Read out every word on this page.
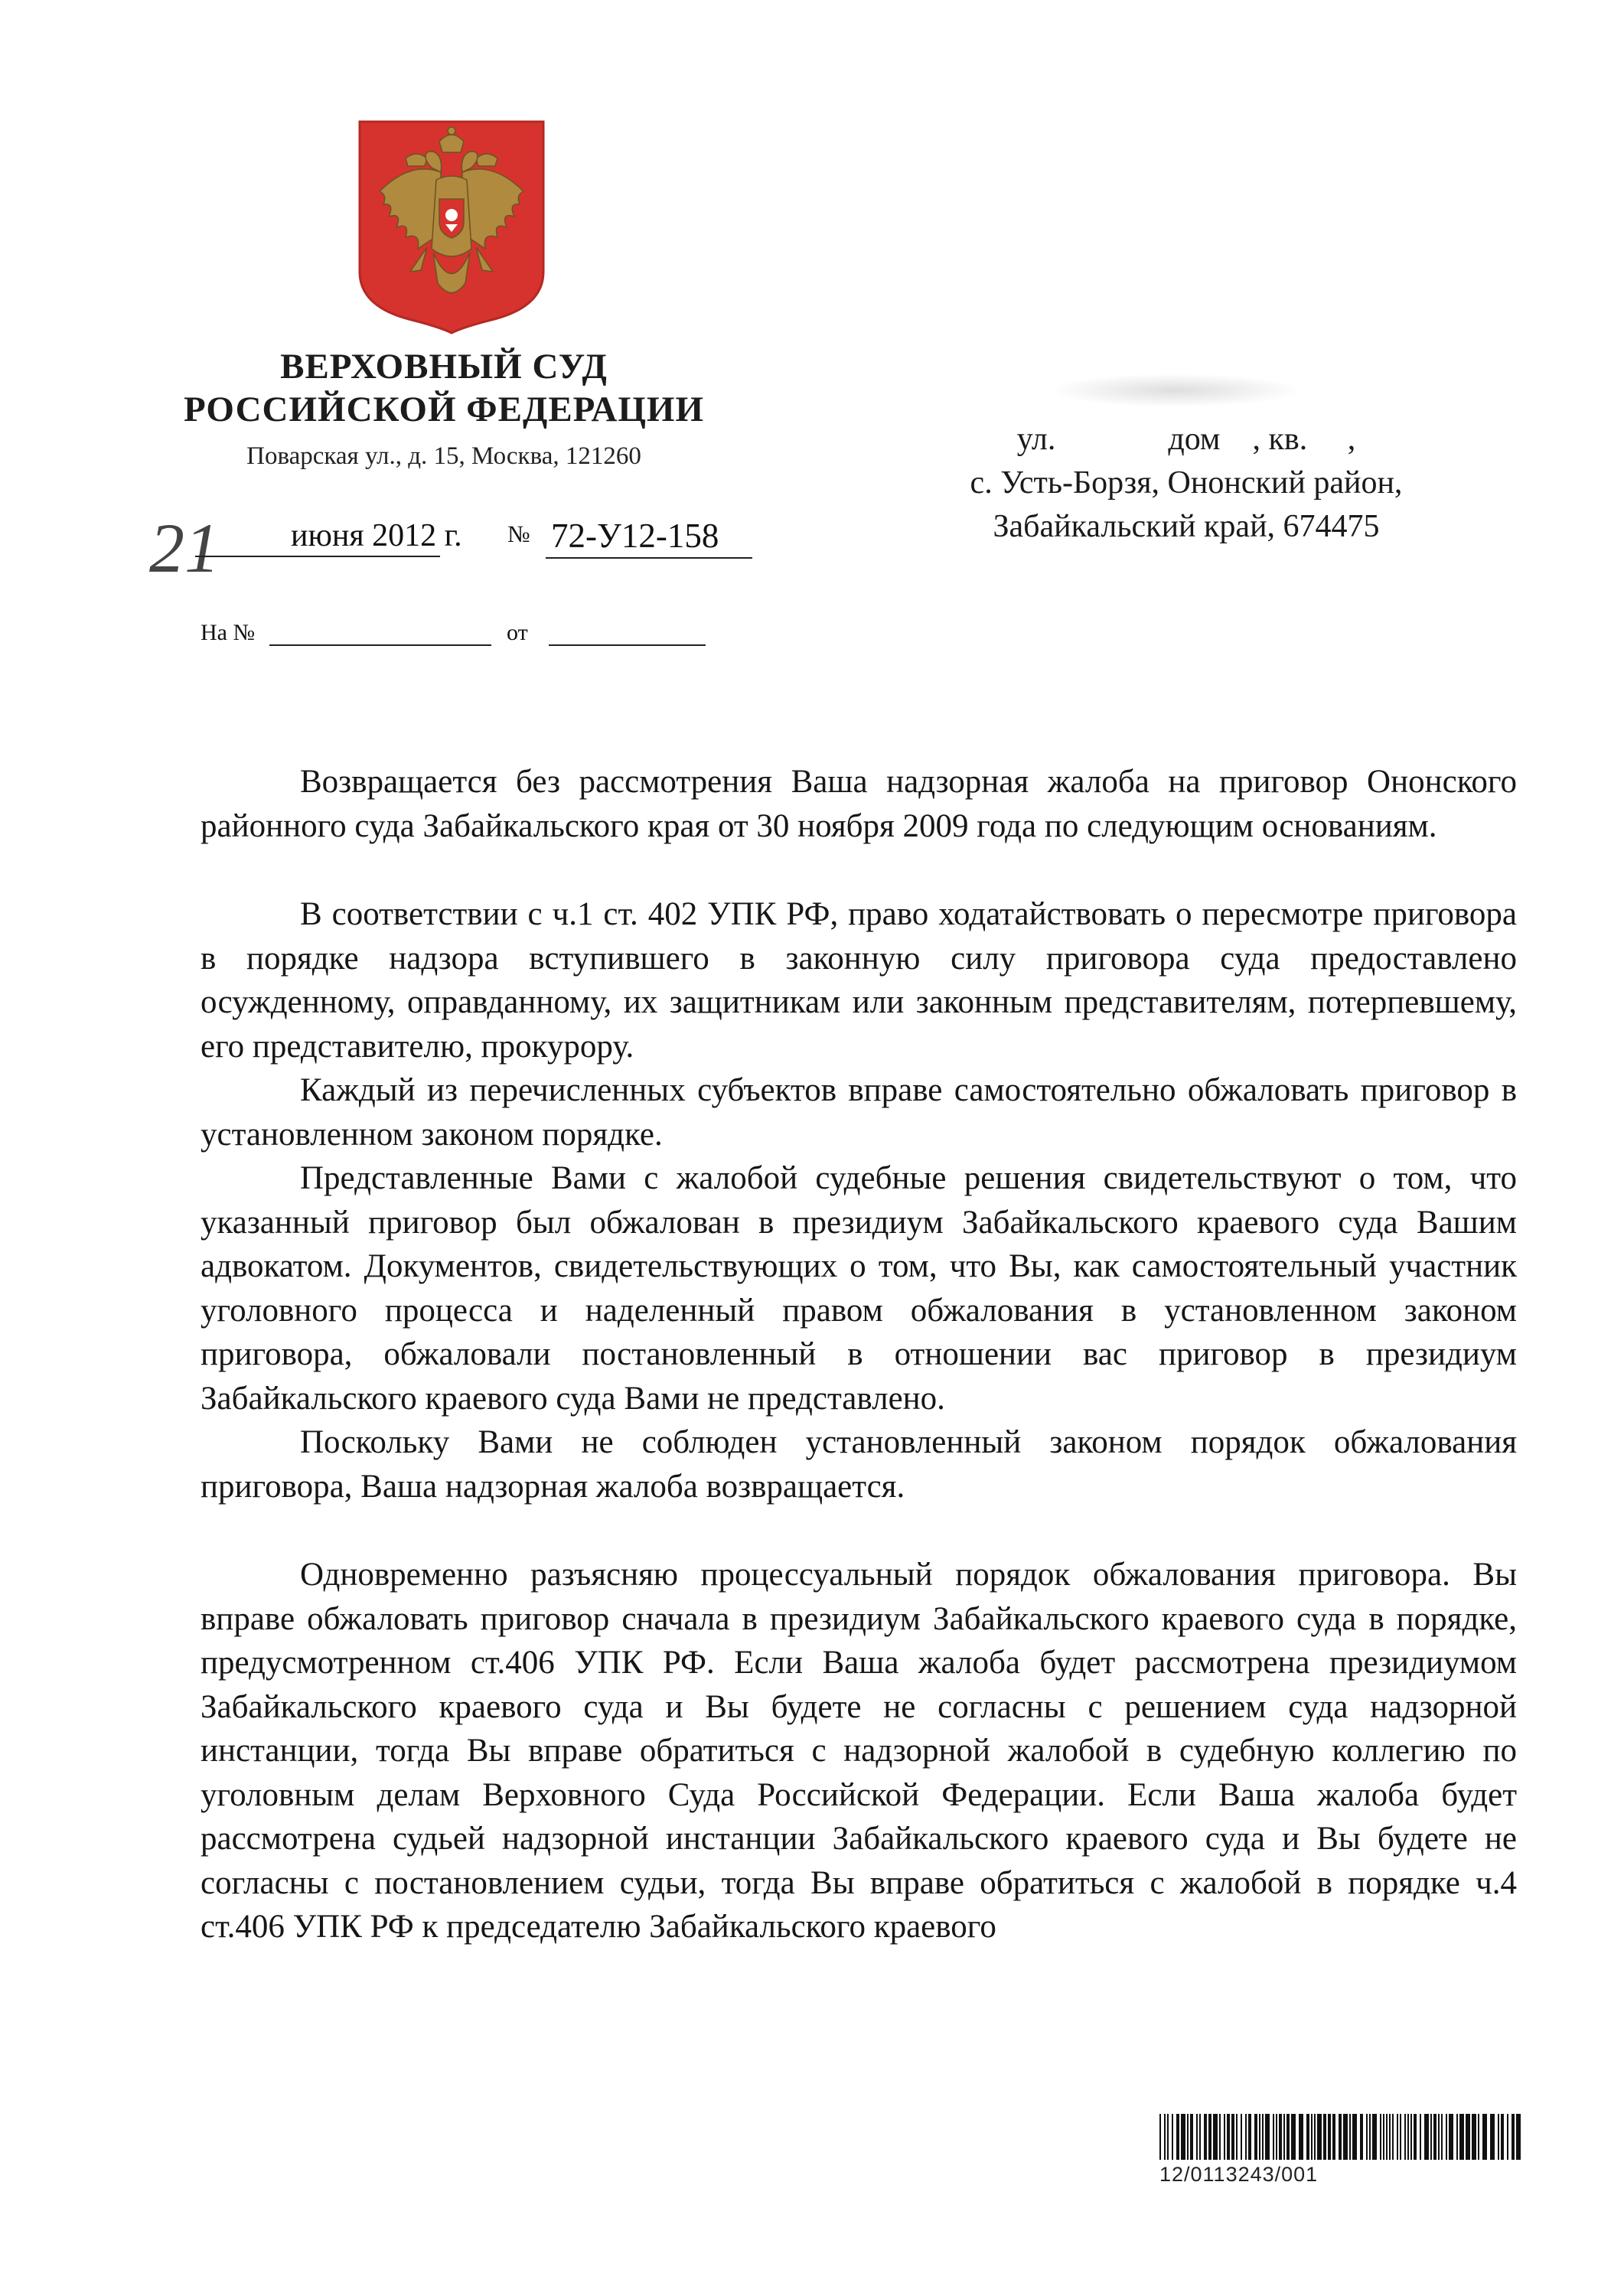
ВЕРХОВНЫЙ СУД
РОССИЙСКОЙ ФЕДЕРАЦИИ
Поварская ул., д. 15, Москва, 121260
21 июня 2012 г. № 72-У12-158
На №	от
ул.              дом    , кв.     ,
с. Усть-Борзя, Ононский район,
Забайкальский край, 674475

Возвращается без рассмотрения Ваша надзорная жалоба на приговор Ононского районного суда Забайкальского края от 30 ноября 2009 года по следующим основаниям.

В соответствии с ч.1 ст. 402 УПК РФ, право ходатайствовать о пересмотре приговора в порядке надзора вступившего в законную силу приговора суда предоставлено осужденному, оправданному, их защитникам или законным представителям, потерпевшему, его представителю, прокурору.

Каждый из перечисленных субъектов вправе самостоятельно обжаловать приговор в установленном законом порядке.

Представленные Вами с жалобой судебные решения свидетельствуют о том, что указанный приговор был обжалован в президиум Забайкальского краевого суда Вашим адвокатом. Документов, свидетельствующих о том, что Вы, как самостоятельный участник уголовного процесса и наделенный правом обжалования в установленном законом приговора, обжаловали постановленный в отношении вас приговор в президиум Забайкальского краевого суда Вами не представлено.

Поскольку Вами не соблюден установленный законом порядок обжалования приговора, Ваша надзорная жалоба возвращается.

Одновременно разъясняю процессуальный порядок обжалования приговора. Вы вправе обжаловать приговор сначала в президиум Забайкальского краевого суда в порядке, предусмотренном ст.406 УПК РФ. Если Ваша жалоба будет рассмотрена президиумом Забайкальского краевого суда и Вы будете не согласны с решением суда надзорной инстанции, тогда Вы вправе обратиться с надзорной жалобой в судебную коллегию по уголовным делам Верховного Суда Российской Федерации. Если Ваша жалоба будет рассмотрена судьей надзорной инстанции Забайкальского краевого суда и Вы будете не согласны с постановлением судьи, тогда Вы вправе обратиться с жалобой в порядке ч.4 ст.406 УПК РФ к председателю Забайкальского краевого

12/0113243/001
